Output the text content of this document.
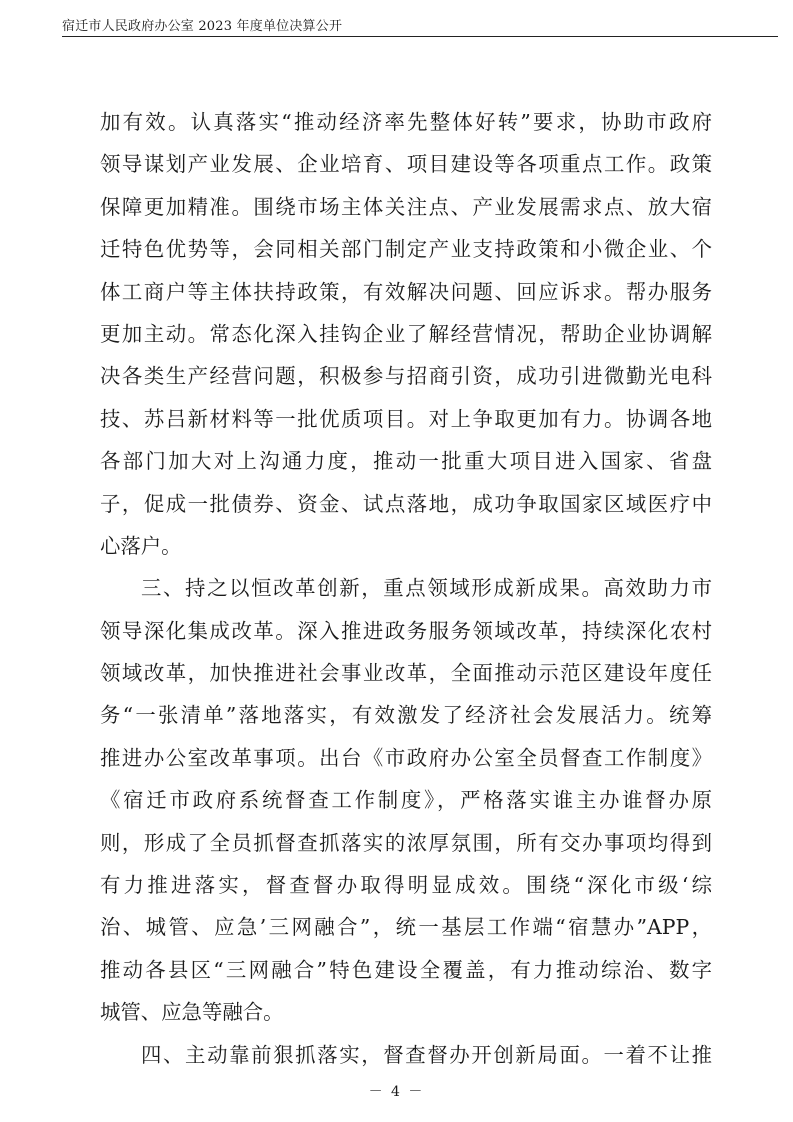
宿迁市人民政府办公室 2023 年度单位决算公开
加有效。认真落实“推动经济率先整体好转”要求，协助市政府
领导谋划产业发展、企业培育、项目建设等各项重点工作。政策
保障更加精准。围绕市场主体关注点、产业发展需求点、放大宿
迁特色优势等，会同相关部门制定产业支持政策和小微企业、个
体工商户等主体扶持政策，有效解决问题、回应诉求。帮办服务
更加主动。常态化深入挂钩企业了解经营情况，帮助企业协调解
决各类生产经营问题，积极参与招商引资，成功引进微勤光电科
技、苏吕新材料等一批优质项目。对上争取更加有力。协调各地
各部门加大对上沟通力度，推动一批重大项目进入国家、省盘
子，促成一批债券、资金、试点落地，成功争取国家区域医疗中
心落户。
三、持之以恒改革创新，重点领域形成新成果。高效助力市
领导深化集成改革。深入推进政务服务领域改革，持续深化农村
领域改革，加快推进社会事业改革，全面推动示范区建设年度任
务“一张清单”落地落实，有效激发了经济社会发展活力。统筹
推进办公室改革事项。出台《市政府办公室全员督查工作制度》
《宿迁市政府系统督查工作制度》，严格落实谁主办谁督办原
则，形成了全员抓督查抓落实的浓厚氛围，所有交办事项均得到
有力推进落实，督查督办取得明显成效。围绕“深化市级‘综
治、城管、应急’三网融合”，统一基层工作端“宿慧办”APP，
推动各县区“三网融合”特色建设全覆盖，有力推动综治、数字
城管、应急等融合。
四、主动靠前狠抓落实，督查督办开创新局面。一着不让推
－ 4 －
